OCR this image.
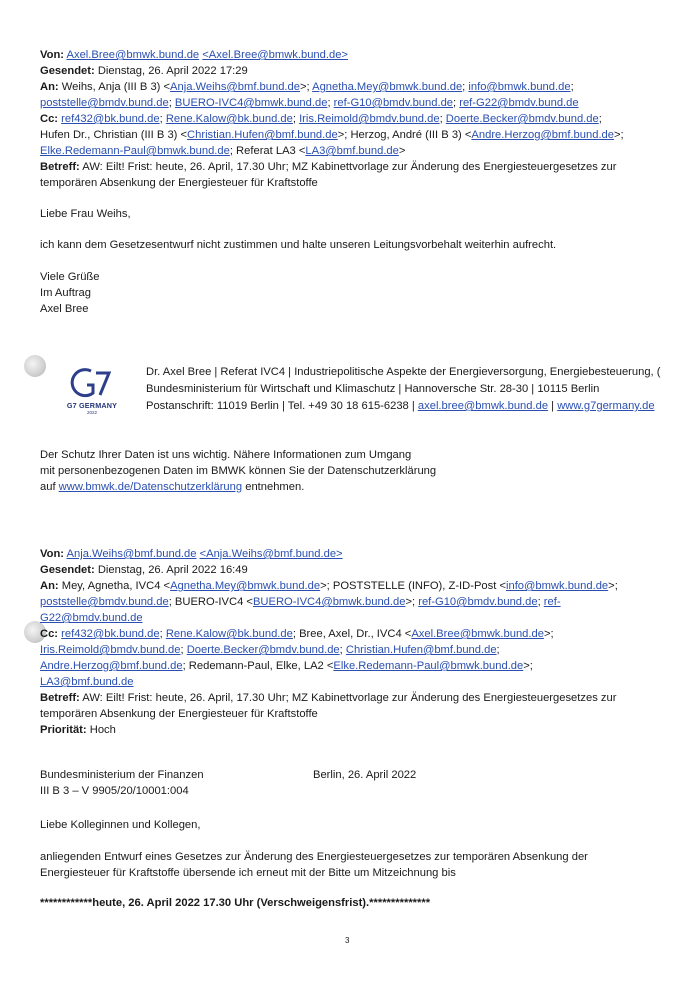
Von: Axel.Bree@bmwk.bund.de <Axel.Bree@bmwk.bund.de>
Gesendet: Dienstag, 26. April 2022 17:29
An: Weihs, Anja (III B 3) <Anja.Weihs@bmf.bund.de>; Agnetha.Mey@bmwk.bund.de; info@bmwk.bund.de;
poststelle@bmdv.bund.de; BUERO-IVC4@bmwk.bund.de; ref-G10@bmdv.bund.de; ref-G22@bmdv.bund.de
Cc: ref432@bk.bund.de; Rene.Kalow@bk.bund.de; Iris.Reimold@bmdv.bund.de; Doerte.Becker@bmdv.bund.de;
Hufen Dr., Christian (III B 3) <Christian.Hufen@bmf.bund.de>; Herzog, André (III B 3) <Andre.Herzog@bmf.bund.de>;
Elke.Redemann-Paul@bmwk.bund.de; Referat LA3 <LA3@bmf.bund.de>
Betreff: AW: Eilt! Frist: heute, 26. April, 17.30 Uhr; MZ Kabinettvorlage zur Änderung des Energiesteuergesetzes zur
temporären Absenkung der Energiesteuer für Kraftstoffe
Liebe Frau Weihs,
ich kann dem Gesetzesentwurf nicht zustimmen und halte unseren Leitungsvorbehalt weiterhin aufrecht.
Viele Grüße
Im Auftrag
Axel Bree
G7 GERMANY
2022
Dr. Axel Bree | Referat IVC4 | Industriepolitische Aspekte der Energieversorgung, Energiebesteuerung, (
Bundesministerium für Wirtschaft und Klimaschutz | Hannoversche Str. 28-30 | 10115 Berlin
Postanschrift: 11019 Berlin | Tel. +49 30 18 615-6238 | axel.bree@bmwk.bund.de | www.g7germany.de
Der Schutz Ihrer Daten ist uns wichtig. Nähere Informationen zum Umgang
mit personenbezogenen Daten im BMWK können Sie der Datenschutzerklärung
auf www.bmwk.de/Datenschutzerklärung entnehmen.
Von: Anja.Weihs@bmf.bund.de <Anja.Weihs@bmf.bund.de>
Gesendet: Dienstag, 26. April 2022 16:49
An: Mey, Agnetha, IVC4 <Agnetha.Mey@bmwk.bund.de>; POSTSTELLE (INFO), Z-ID-Post <info@bmwk.bund.de>;
poststelle@bmdv.bund.de; BUERO-IVC4 <BUERO-IVC4@bmwk.bund.de>; ref-G10@bmdv.bund.de; ref-
G22@bmdv.bund.de
Cc: ref432@bk.bund.de; Rene.Kalow@bk.bund.de; Bree, Axel, Dr., IVC4 <Axel.Bree@bmwk.bund.de>;
Iris.Reimold@bmdv.bund.de; Doerte.Becker@bmdv.bund.de; Christian.Hufen@bmf.bund.de;
Andre.Herzog@bmf.bund.de; Redemann-Paul, Elke, LA2 <Elke.Redemann-Paul@bmwk.bund.de>;
LA3@bmf.bund.de
Betreff: AW: Eilt! Frist: heute, 26. April, 17.30 Uhr; MZ Kabinettvorlage zur Änderung des Energiesteuergesetzes zur
temporären Absenkung der Energiesteuer für Kraftstoffe
Priorität: Hoch
Bundesministerium der Finanzen	Berlin, 26. April 2022
III B 3 – V 9905/20/10001:004
Liebe Kolleginnen und Kollegen,
anliegenden Entwurf eines Gesetzes zur Änderung des Energiesteuergesetzes zur temporären Absenkung der
Energiesteuer für Kraftstoffe übersende ich erneut mit der Bitte um Mitzeichnung bis
************heute, 26. April 2022 17.30 Uhr (Verschweigensfrist).**************
3
